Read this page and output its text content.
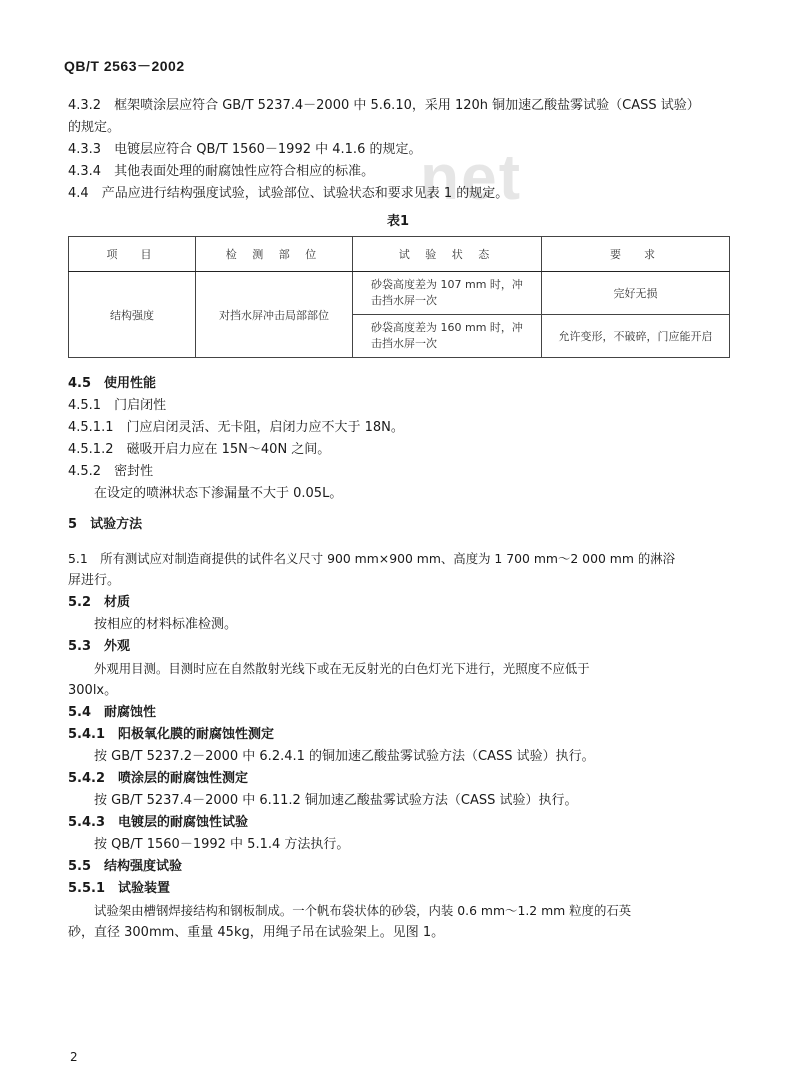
QB/T 2563－2002
net
4.3.2　 框架喷涂层应符合 GB/T 5237.4－2000 中 5.6.10，采用 120h 铜加速乙酸盐雾试验（CASS 试验）
的规定。
4.3.3　 电镀层应符合 QB/T 1560－1992 中 4.1.6 的规定。
4.3.4　 其他表面处理的耐腐蚀性应符合相应的标准。
4.4　 产品应进行结构强度试验，试验部位、试验状态和要求见表 1 的规定。
表1
项　目	检 测 部 位	试 验 状 态	要　求
结构强度	对挡水屏冲击局部部位	砂袋高度差为 107 mm 时，冲
击挡水屏一次	完好无损
		砂袋高度差为 160 mm 时，冲
击挡水屏一次	允许变形，不破碎，门应能开启
4.5　 使用性能
4.5.1　 门启闭性
4.5.1.1　 门应启闭灵活、无卡阻，启闭力应不大于 18N。
4.5.1.2　 磁吸开启力应在 15N～40N 之间。
4.5.2　 密封性
在设定的喷淋状态下渗漏量不大于 0.05L。
5　 试验方法
5.1　 所有测试应对制造商提供的试件名义尺寸 900 mm×900 mm、高度为 1 700 mm～2 000 mm 的淋浴
屏进行。
5.2　 材质
按相应的材料标准检测。
5.3　 外观
外观用目测。目测时应在自然散射光线下或在无反射光的白色灯光下进行，光照度不应低于
300lx。
5.4　 耐腐蚀性
5.4.1　 阳极氧化膜的耐腐蚀性测定
按 GB/T 5237.2－2000 中 6.2.4.1 的铜加速乙酸盐雾试验方法（CASS 试验）执行。
5.4.2　 喷涂层的耐腐蚀性测定
按 GB/T 5237.4－2000 中 6.11.2 铜加速乙酸盐雾试验方法（CASS 试验）执行。
5.4.3　 电镀层的耐腐蚀性试验
按 QB/T 1560－1992 中 5.1.4 方法执行。
5.5　 结构强度试验
5.5.1　 试验装置
试验架由槽钢焊接结构和钢板制成。一个帆布袋状体的砂袋，内装 0.6 mm～1.2 mm 粒度的石英
砂，直径 300mm、重量 45kg，用绳子吊在试验架上。见图 1。
2
